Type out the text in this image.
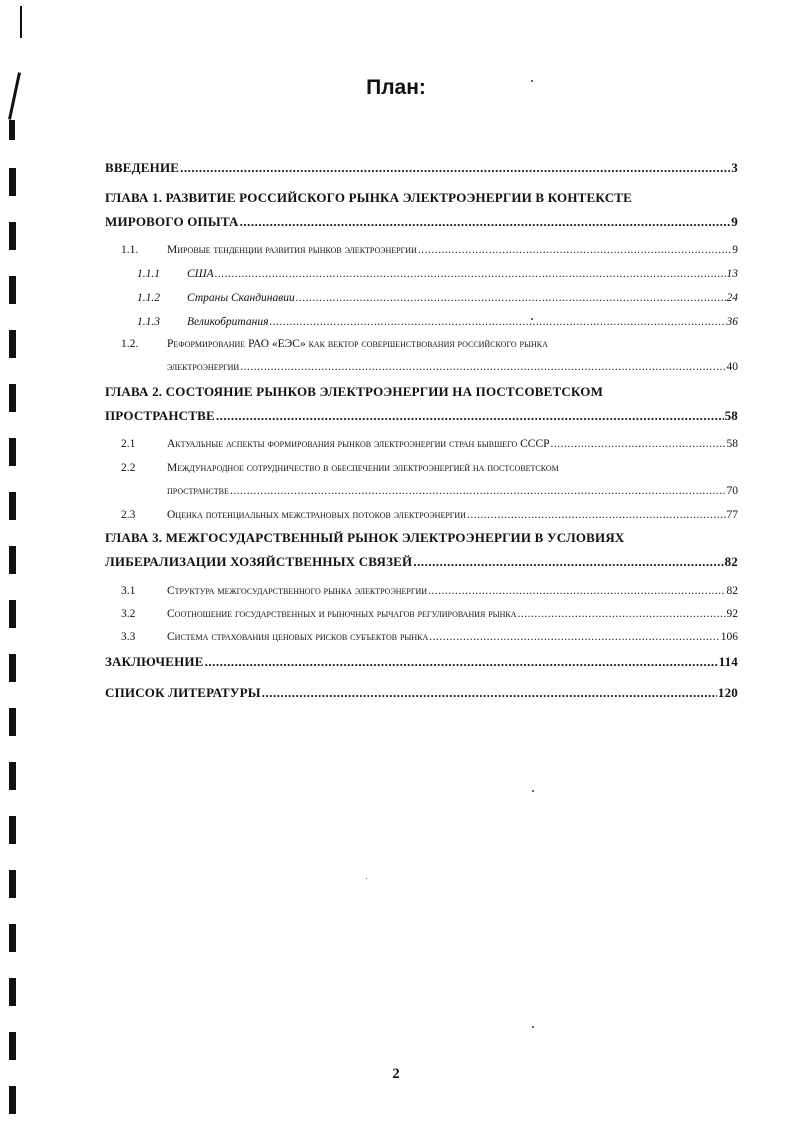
План:
ВВЕДЕНИЕ .....	3
ГЛАВА 1. РАЗВИТИЕ РОССИЙСКОГО РЫНКА ЭЛЕКТРОЭНЕРГИИ В КОНТЕКСТЕ
МИРОВОГО ОПЫТА .....	9
1.1.	Мировые тенденции развития рынков электроэнергии .....	9
1.1.1	США .....	13
1.1.2	Страны Скандинавии .....	24
1.1.3	Великобритания .....	36
1.2.	Реформирование РАО «ЕЭС» как вектор совершенствования российского рынка
электроэнергии .....	40
ГЛАВА 2. СОСТОЯНИЕ РЫНКОВ ЭЛЕКТРОЭНЕРГИИ НА ПОСТСОВЕТСКОМ
ПРОСТРАНСТВЕ .....	58
2.1	Актуальные аспекты формирования рынков электроэнергии стран бывшего СССР .....	58
2.2	Международное сотрудничество в обеспечении электроэнергией на постсоветском
пространстве .....	70
2.3	Оценка потенциальных межстрановых потоков электроэнергии .....	77
ГЛАВА 3. МЕЖГОСУДАРСТВЕННЫЙ РЫНОК ЭЛЕКТРОЭНЕРГИИ В УСЛОВИЯХ
ЛИБЕРАЛИЗАЦИИ ХОЗЯЙСТВЕННЫХ СВЯЗЕЙ .....	82
3.1	Структура межгосударственного рынка электроэнергии .....	82
3.2	Соотношение государственных и рыночных рычагов регулирования рынка .....	92
3.3	Система страхования ценовых рисков субъектов рынка .....	106
ЗАКЛЮЧЕНИЕ .....	114
СПИСОК ЛИТЕРАТУРЫ .....	120
2
